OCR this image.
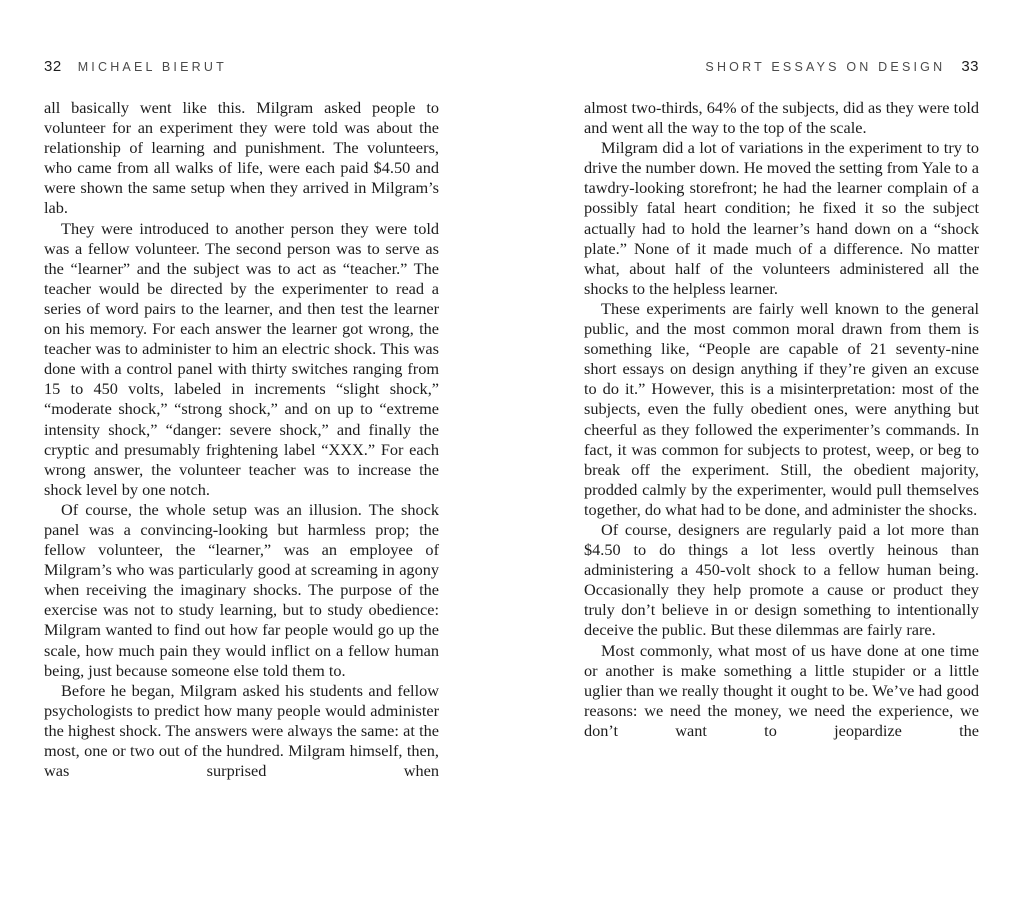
32 MICHAEL BIERUT

all basically went like this. Milgram asked people to volunteer for an experiment they were told was about the relationship of learning and punishment. The volunteers, who came from all walks of life, were each paid $4.50 and were shown the same setup when they arrived in Milgram’s lab.

They were introduced to another person they were told was a fellow volunteer. The second person was to serve as the “learner” and the subject was to act as “teacher.” The teacher would be directed by the experimenter to read a series of word pairs to the learner, and then test the learner on his memory. For each answer the learner got wrong, the teacher was to administer to him an electric shock. This was done with a control panel with thirty switches ranging from 15 to 450 volts, labeled in increments “slight shock,” “moderate shock,” “strong shock,” and on up to “extreme intensity shock,” “danger: severe shock,” and finally the cryptic and presumably frightening label “XXX.” For each wrong answer, the volunteer teacher was to increase the shock level by one notch.

Of course, the whole setup was an illusion. The shock panel was a convincing-looking but harmless prop; the fellow volunteer, the “learner,” was an employee of Milgram’s who was particularly good at screaming in agony when receiving the imaginary shocks. The purpose of the exercise was not to study learning, but to study obedience: Milgram wanted to find out how far people would go up the scale, how much pain they would inflict on a fellow human being, just because someone else told them to.

Before he began, Milgram asked his students and fellow psychologists to predict how many people would administer the highest shock. The answers were always the same: at the most, one or two out of the hundred. Milgram himself, then, was surprised when

SHORT ESSAYS ON DESIGN 33

almost two-thirds, 64% of the subjects, did as they were told and went all the way to the top of the scale.

Milgram did a lot of variations in the experiment to try to drive the number down. He moved the setting from Yale to a tawdry-looking storefront; he had the learner complain of a possibly fatal heart condition; he fixed it so the subject actually had to hold the learner’s hand down on a “shock plate.” None of it made much of a difference. No matter what, about half of the volunteers administered all the shocks to the helpless learner.

These experiments are fairly well known to the general public, and the most common moral drawn from them is something like, “People are capable of 21 seventy-nine short essays on design anything if they’re given an excuse to do it.” However, this is a misinterpretation: most of the subjects, even the fully obedient ones, were anything but cheerful as they followed the experimenter’s commands. In fact, it was common for subjects to protest, weep, or beg to break off the experiment. Still, the obedient majority, prodded calmly by the experimenter, would pull themselves together, do what had to be done, and administer the shocks.

Of course, designers are regularly paid a lot more than $4.50 to do things a lot less overtly heinous than administering a 450-volt shock to a fellow human being. Occasionally they help promote a cause or product they truly don’t believe in or design something to intentionally deceive the public. But these dilemmas are fairly rare.

Most commonly, what most of us have done at one time or another is make something a little stupider or a little uglier than we really thought it ought to be. We’ve had good reasons: we need the money, we need the experience, we don’t want to jeopardize the
